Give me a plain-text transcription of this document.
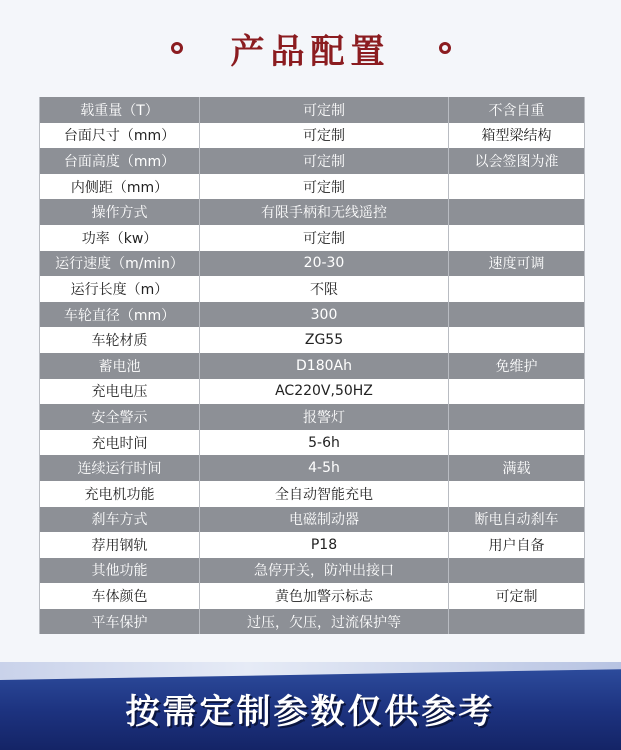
产品配置
载重量（T）	可定制	不含自重
台面尺寸（mm）	可定制	箱型梁结构
台面高度（mm）	可定制	以会签图为准
内侧距（mm）	可定制	
操作方式	有限手柄和无线遥控	
功率（kw）	可定制	
运行速度（m/min）	20-30	速度可调
运行长度（m）	不限	
车轮直径（mm）	300	
车轮材质	ZG55	
蓄电池	D180Ah	免维护
充电电压	AC220V,50HZ	
安全警示	报警灯	
充电时间	5-6h	
连续运行时间	4-5h	满载
充电机功能	全自动智能充电	
刹车方式	电磁制动器	断电自动刹车
荐用钢轨	P18	用户自备
其他功能	急停开关，防冲出接口	
车体颜色	黄色加警示标志	可定制
平车保护	过压，欠压，过流保护等	
按需定制参数仅供参考
